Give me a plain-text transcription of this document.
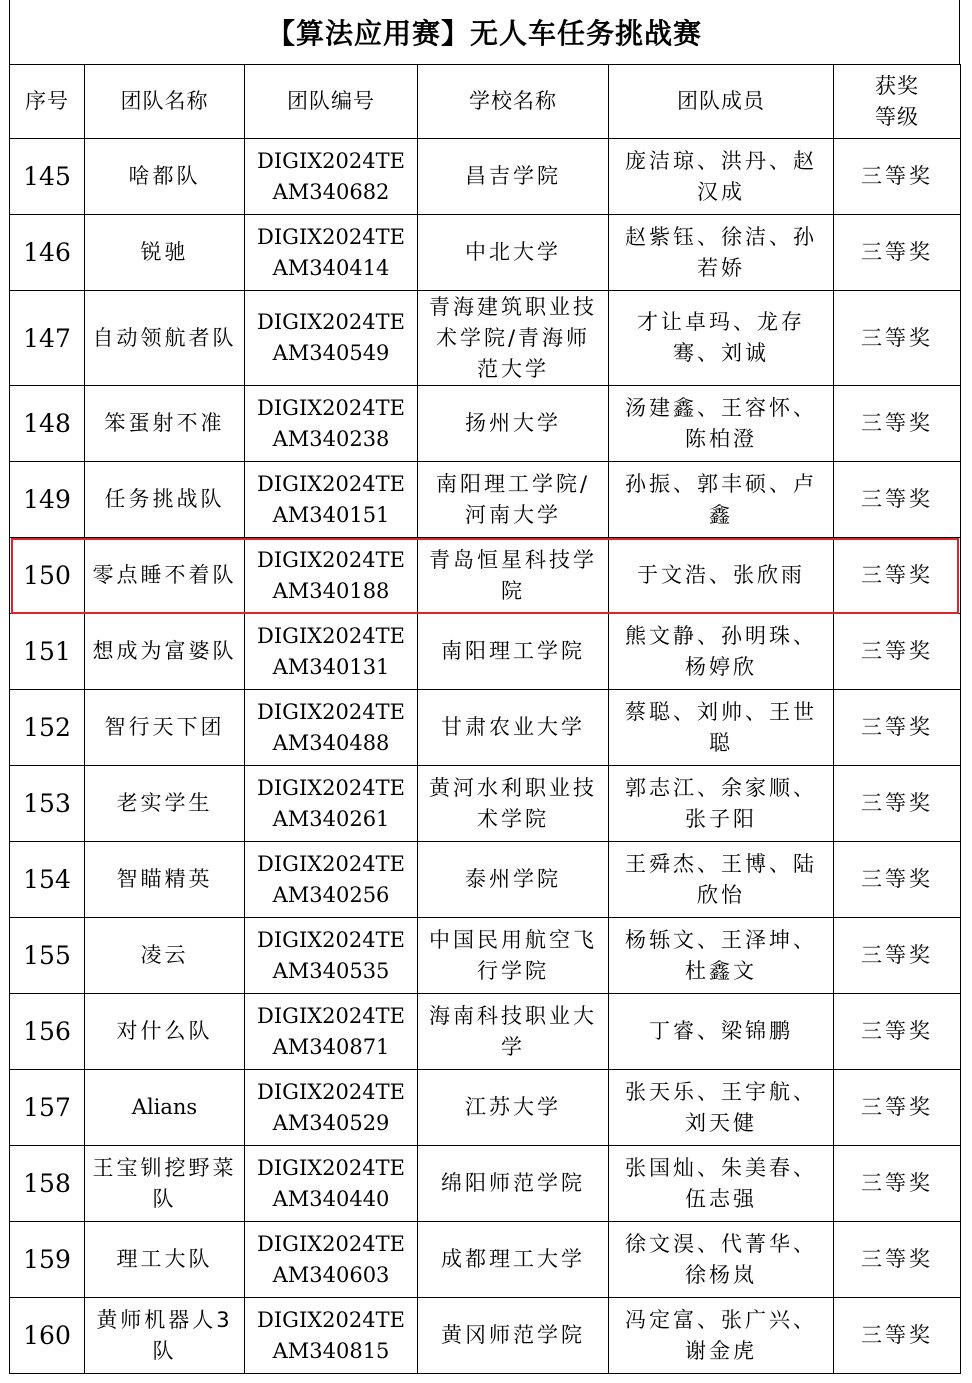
【算法应用赛】无人车任务挑战赛
序号	团队名称	团队编号	学校名称	团队成员	获奖等级
145	啥都队	DIGIX2024TEAM340682	昌吉学院	庞洁琼、洪丹、赵汉成	三等奖
146	锐驰	DIGIX2024TEAM340414	中北大学	赵紫钰、徐洁、孙若娇	三等奖
147	自动领航者队	DIGIX2024TEAM340549	青海建筑职业技术学院/青海师范大学	才让卓玛、龙存骞、刘诚	三等奖
148	笨蛋射不准	DIGIX2024TEAM340238	扬州大学	汤建鑫、王容怀、陈柏澄	三等奖
149	任务挑战队	DIGIX2024TEAM340151	南阳理工学院/河南大学	孙振、郭丰硕、卢鑫	三等奖
150	零点睡不着队	DIGIX2024TEAM340188	青岛恒星科技学院	于文浩、张欣雨	三等奖
151	想成为富婆队	DIGIX2024TEAM340131	南阳理工学院	熊文静、孙明珠、杨婷欣	三等奖
152	智行天下团	DIGIX2024TEAM340488	甘肃农业大学	蔡聪、刘帅、王世聪	三等奖
153	老实学生	DIGIX2024TEAM340261	黄河水利职业技术学院	郭志江、余家顺、张子阳	三等奖
154	智瞄精英	DIGIX2024TEAM340256	泰州学院	王舜杰、王博、陆欣怡	三等奖
155	凌云	DIGIX2024TEAM340535	中国民用航空飞行学院	杨轹文、王泽坤、杜鑫文	三等奖
156	对什么队	DIGIX2024TEAM340871	海南科技职业大学	丁睿、梁锦鹏	三等奖
157	Alians	DIGIX2024TEAM340529	江苏大学	张天乐、王宇航、刘天健	三等奖
158	王宝钏挖野菜队	DIGIX2024TEAM340440	绵阳师范学院	张国灿、朱美春、伍志强	三等奖
159	理工大队	DIGIX2024TEAM340603	成都理工大学	徐文淏、代菁华、徐杨岚	三等奖
160	黄师机器人3队	DIGIX2024TEAM340815	黄冈师范学院	冯定富、张广兴、谢金虎	三等奖
